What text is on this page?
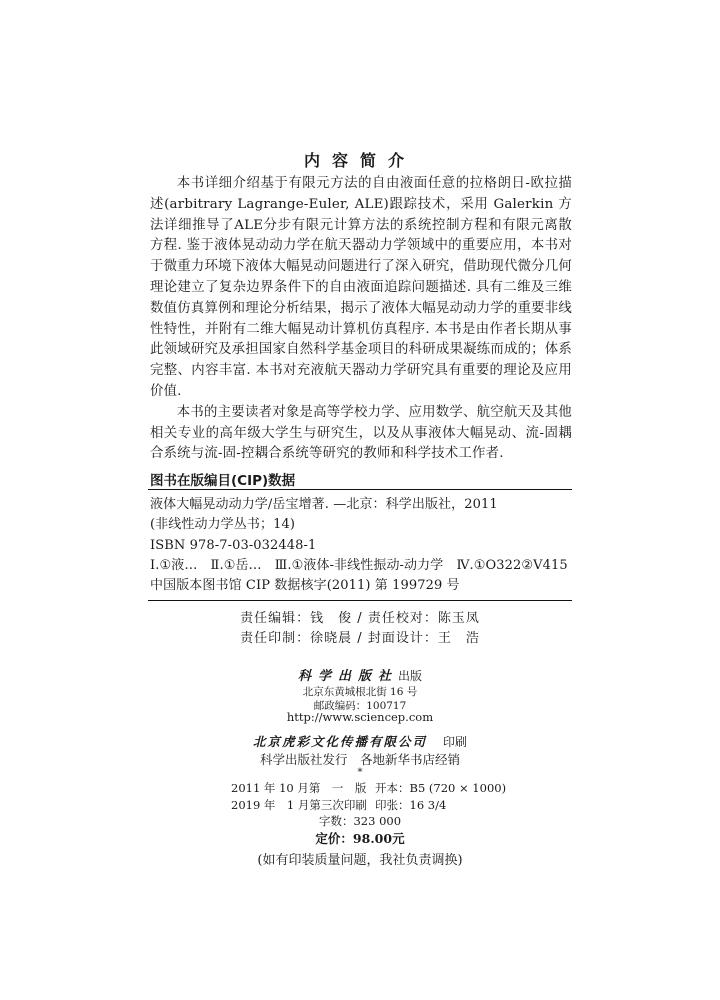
内容简介

本书详细介绍基于有限元方法的自由液面任意的拉格朗日-欧拉描述(arbitrary Lagrange-Euler, ALE)跟踪技术，采用 Galerkin 方法详细推导了ALE分步有限元计算方法的系统控制方程和有限元离散方程. 鉴于液体晃动动力学在航天器动力学领域中的重要应用，本书对于微重力环境下液体大幅晃动问题进行了深入研究，借助现代微分几何理论建立了复杂边界条件下的自由液面追踪问题描述. 具有二维及三维数值仿真算例和理论分析结果，揭示了液体大幅晃动动力学的重要非线性特性，并附有二维大幅晃动计算机仿真程序. 本书是由作者长期从事此领域研究及承担国家自然科学基金项目的科研成果凝练而成的；体系完整、内容丰富. 本书对充液航天器动力学研究具有重要的理论及应用价值.

本书的主要读者对象是高等学校力学、应用数学、航空航天及其他相关专业的高年级大学生与研究生，以及从事液体大幅晃动、流-固耦合系统与流-固-控耦合系统等研究的教师和科学技术工作者.

图书在版编目(CIP)数据
液体大幅晃动动力学/岳宝增著. —北京：科学出版社，2011
(非线性动力学丛书；14)
ISBN 978-7-03-032448-1
Ⅰ.①液…　Ⅱ.①岳…　Ⅲ.①液体-非线性振动-动力学　Ⅳ.①O322②V415
中国版本图书馆 CIP 数据核字(2011) 第 199729 号
责任编辑：钱　俊 / 责任校对：陈玉凤
责任印制：徐晓晨 / 封面设计：王　浩
科学出版社出版
北京东黄城根北街 16 号
邮政编码：100717
http://www.sciencep.com
北京虎彩文化传播有限公司　 印刷
科学出版社发行　各地新华书店经销
*
2011 年 10 月第　一　版 开本：B5 (720 × 1000)
2019 年　1 月第三次印刷 印张：16 3/4
字数：323 000
定价：98.00元
(如有印装质量问题，我社负责调换)
